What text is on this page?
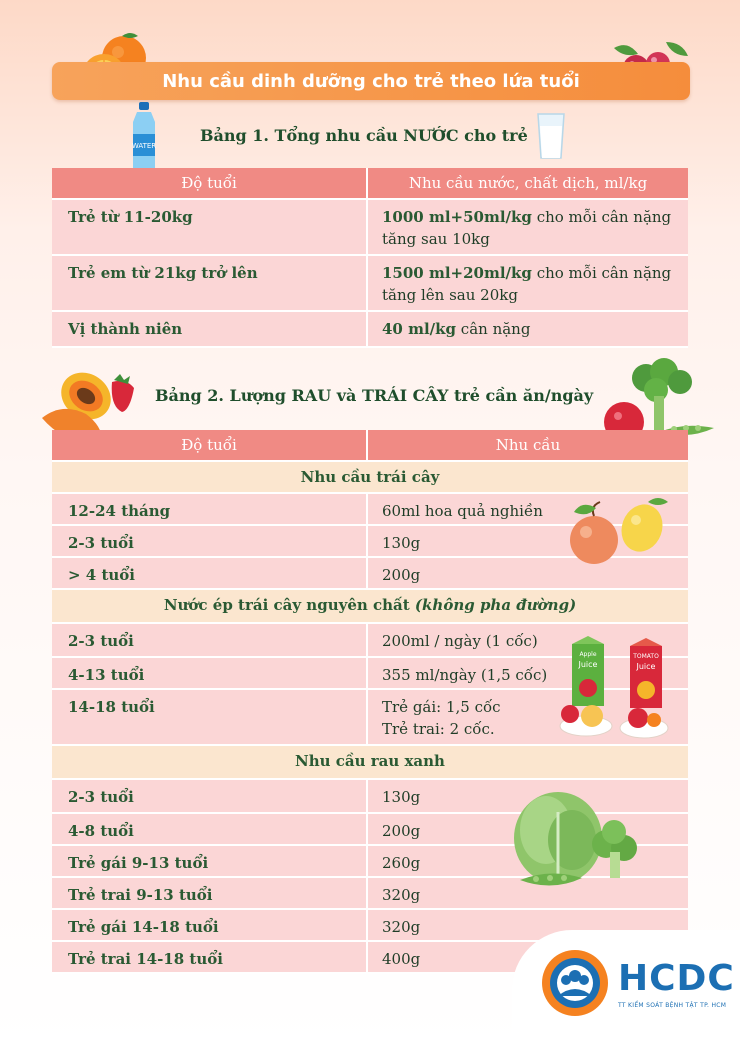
Nhu cầu dinh dưỡng cho trẻ theo lứa tuổi
WATER
Bảng 1. Tổng nhu cầu NƯỚC cho trẻ
Độ tuổi	Nhu cầu nước, chất dịch, ml/kg
Trẻ từ 11-20kg	1000 ml+50ml/kg cho mỗi cân nặng
tăng sau 10kg
Trẻ em từ 21kg trở lên	1500 ml+20ml/kg cho mỗi cân nặng
tăng lên sau 20kg
Vị thành niên	40 ml/kg cân nặng
Bảng 2. Lượng RAU và TRÁI CÂY trẻ cần ăn/ngày
Độ tuổi	Nhu cầu
Nhu cầu trái cây
12-24 tháng	60ml hoa quả nghiền
2-3 tuổi	130g
> 4 tuổi	200g
Nước ép trái cây nguyên chất (không pha đường)
2-3 tuổi	200ml / ngày (1 cốc)
4-13 tuổi	355 ml/ngày (1,5 cốc)
14-18 tuổi	Trẻ gái: 1,5 cốc
Trẻ trai: 2 cốc.
Nhu cầu rau xanh
2-3 tuổi	130g
4-8 tuổi	200g
Trẻ gái 9-13 tuổi	260g
Trẻ trai 9-13 tuổi	320g
Trẻ gái 14-18 tuổi	320g
Trẻ trai 14-18 tuổi	400g
Apple
Juice
TOMATO
Juice
HCDC
TT KIỂM SOÁT BỆNH TẬT TP. HCM
